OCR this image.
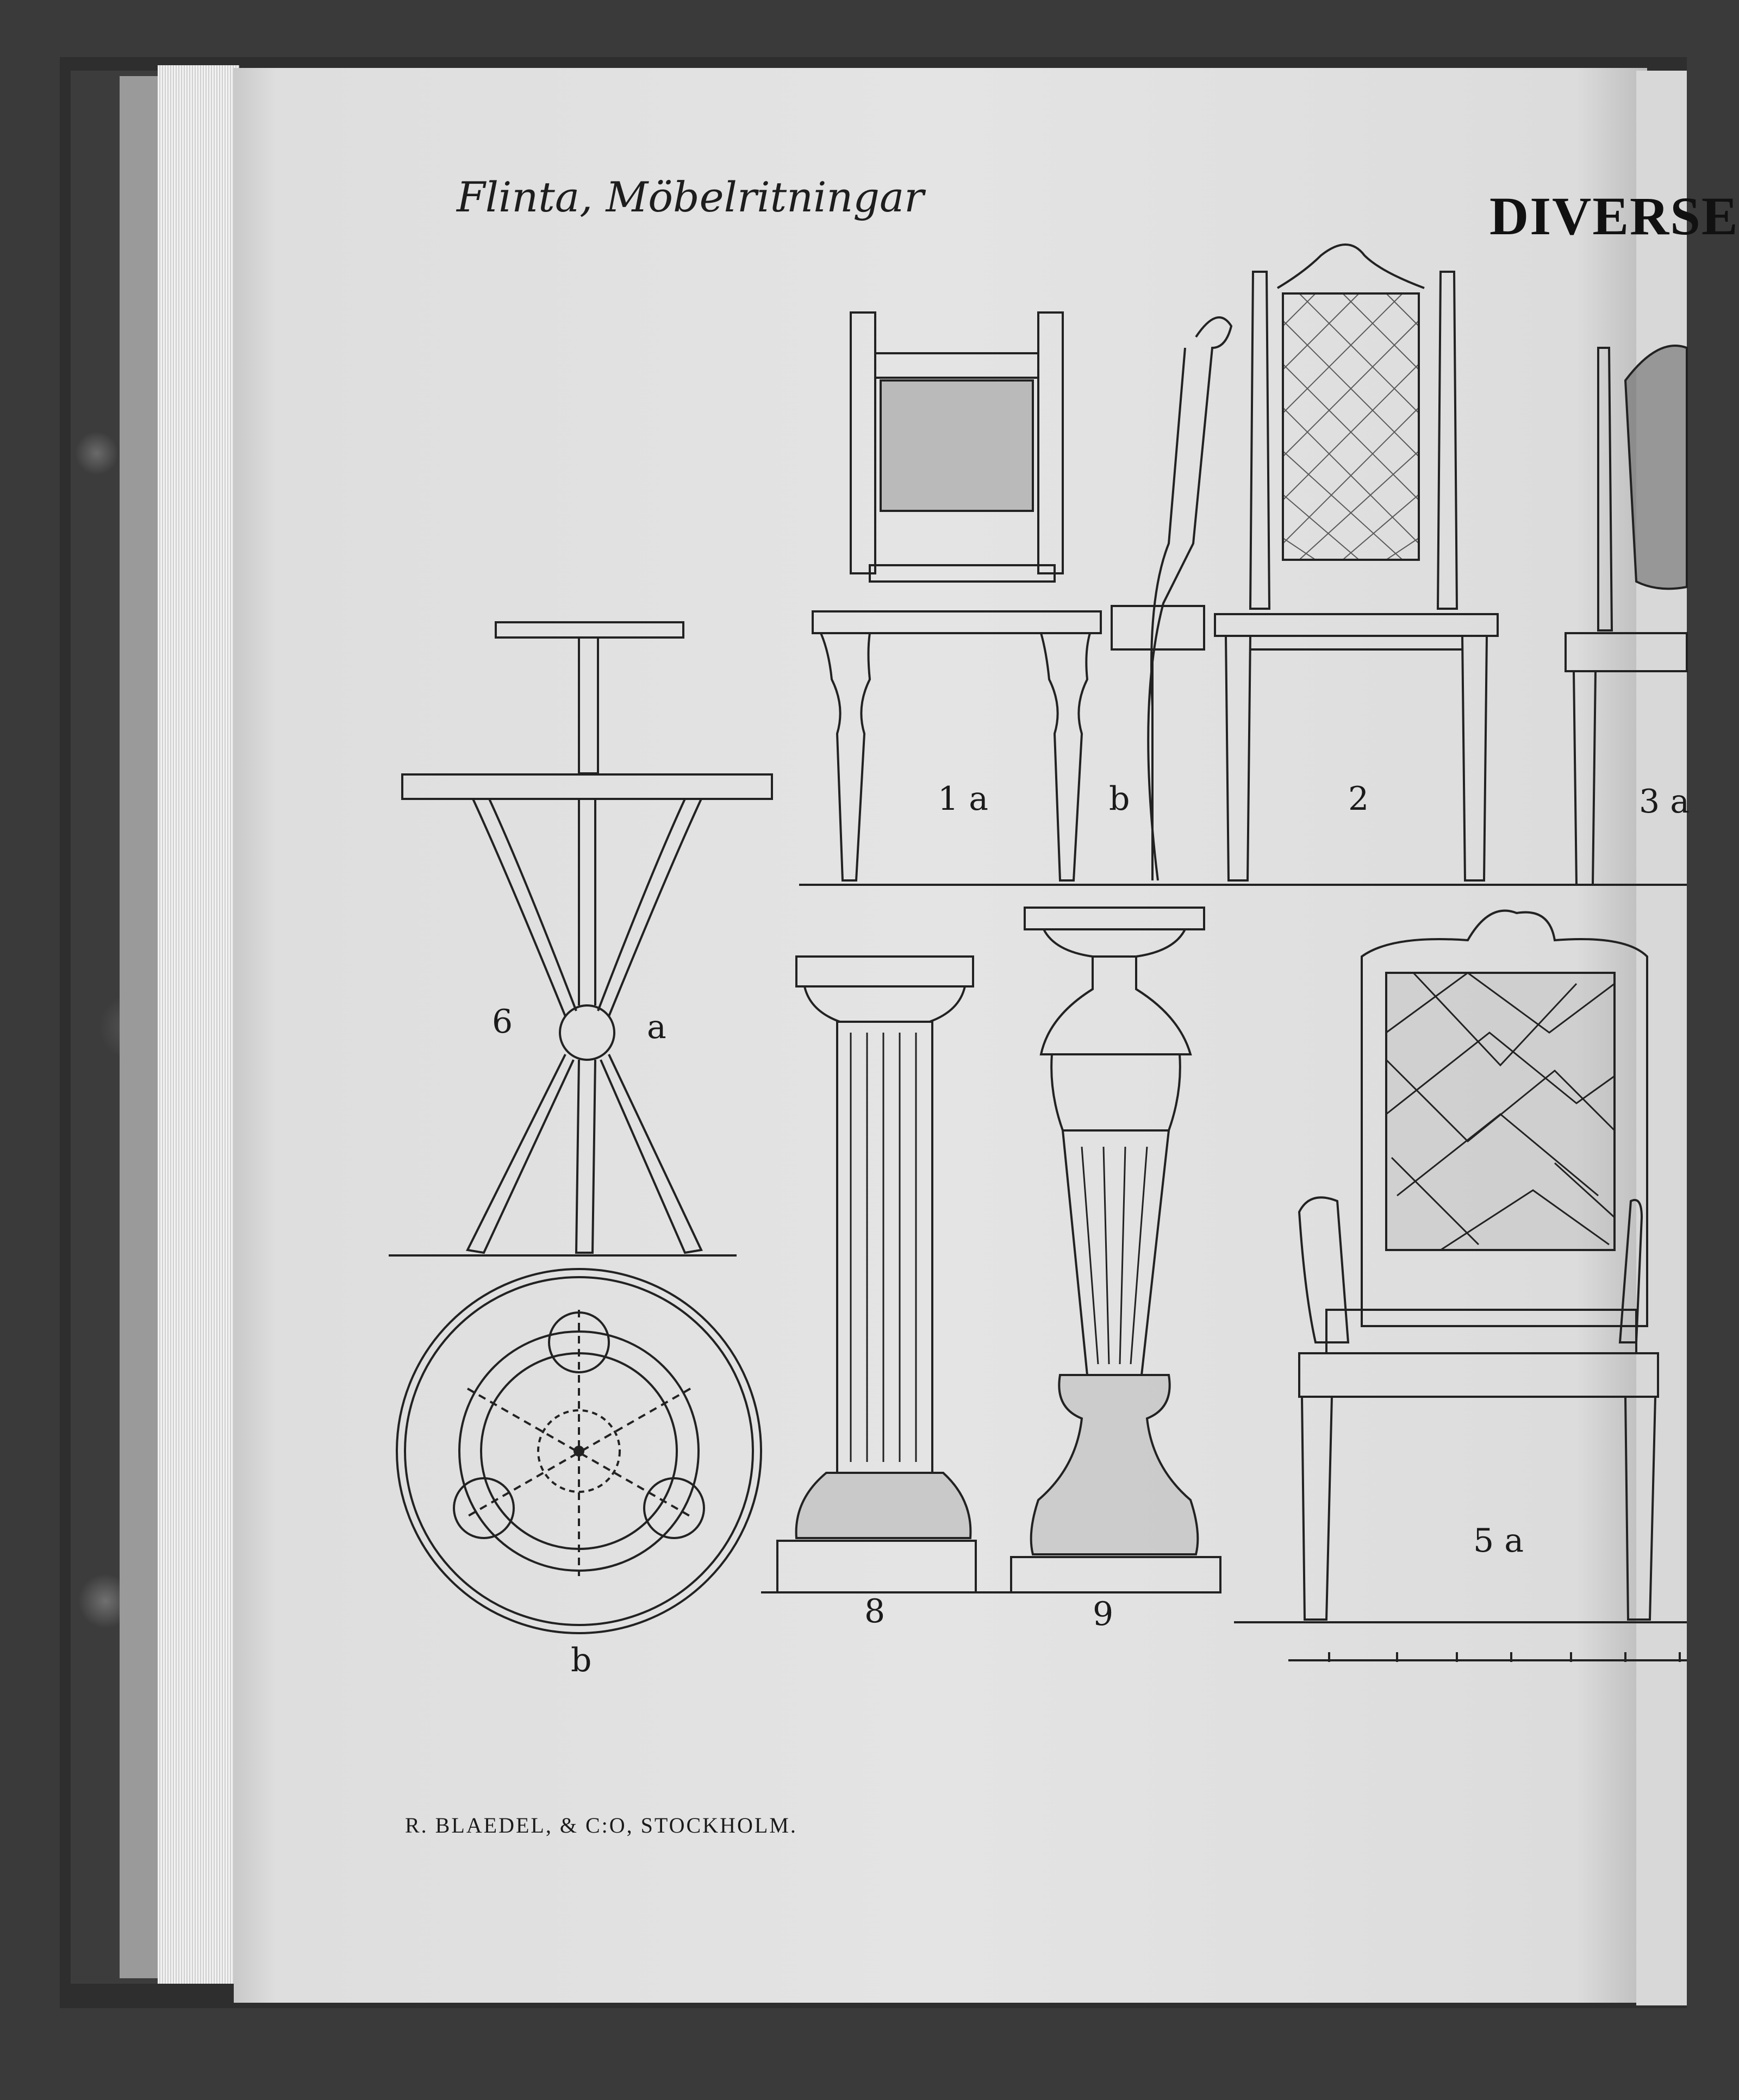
Flinta, Möbelritningar	DIVERSE
1 a	b	2	3 a
6	a
b
8	9
5 a
R. BLAEDEL, & C:O, STOCKHOLM.
